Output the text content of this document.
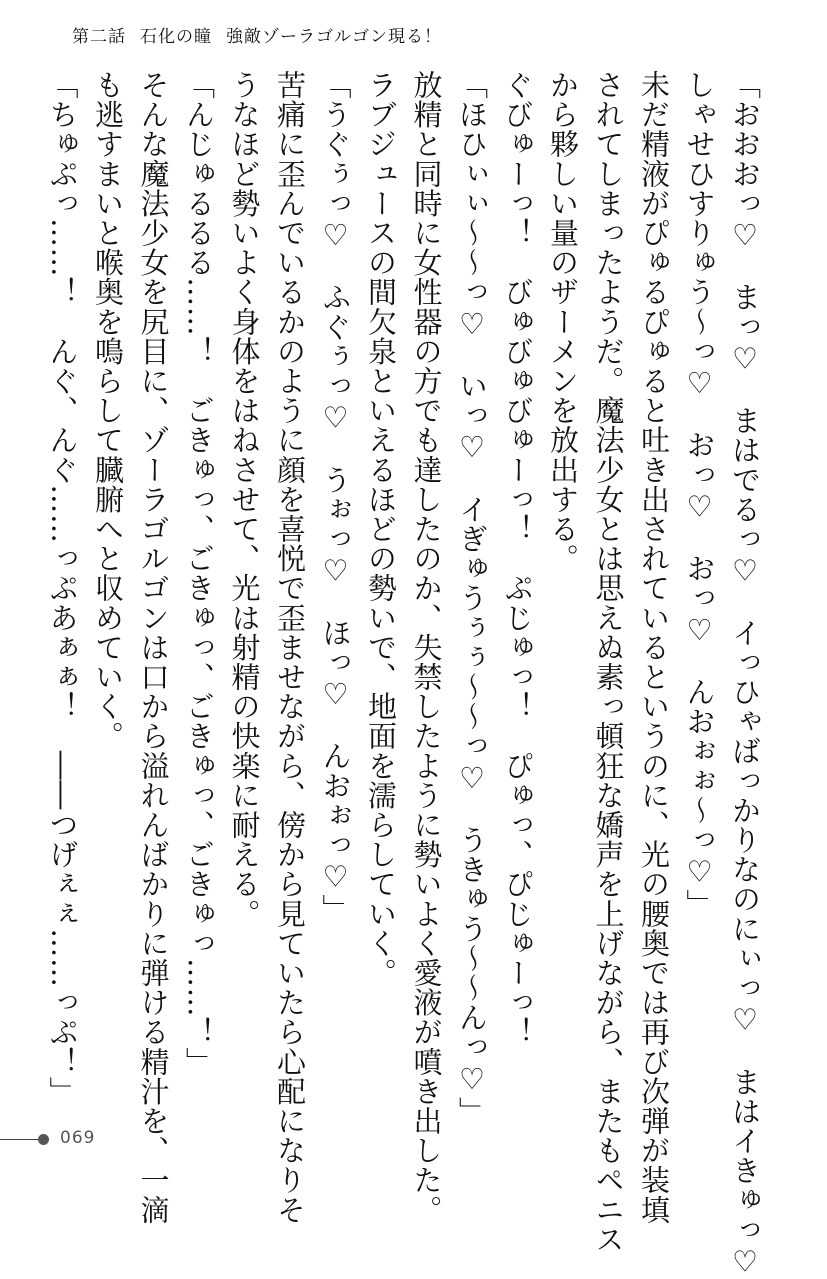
第二話 石化の瞳 強敵ゾーラゴルゴン現る！
「おおおっ♡　まっ♡　まはでるっ♡　イっひゃばっかりなのにぃっ♡　まはイきゅっ♡
しゃせひすりゅう～っ♡　おっ♡　おっ♡　んおぉぉ～っ♡」
未だ精液がぴゅるぴゅると吐き出されているというのに、光の腰奥では再び次弾が装填
されてしまったようだ。魔法少女とは思えぬ素っ頓狂な嬌声を上げながら、またもペニス
から夥しい量のザーメンを放出する。
ぐびゅーっ！　びゅびゅびゅーっ！　ぷじゅっ！　ぴゅっ、ぴじゅーっ！
「ほひぃぃ～～っ♡　いっ♡　イぎゅうぅぅ～～っ♡　うきゅう～～んっ♡」
放精と同時に女性器の方でも達したのか、失禁したように勢いよく愛液が噴き出した。
ラブジュースの間欠泉といえるほどの勢いで、地面を濡らしていく。
「うぐぅっ♡　ふぐぅっ♡　うぉっ♡　ほっ♡　んおぉっ♡」
苦痛に歪んでいるかのように顔を喜悦で歪ませながら、傍から見ていたら心配になりそ
うなほど勢いよく身体をはねさせて、光は射精の快楽に耐える。
「んじゅるるる……！　ごきゅっ、ごきゅっ、ごきゅっ、ごきゅっ……！」
そんな魔法少女を尻目に、ゾーラゴルゴンは口から溢れんばかりに弾ける精汁を、一滴
も逃すまいと喉奥を鳴らして臓腑へと収めていく。
「ちゅぷっ……！　んぐ、んぐ……っぷあぁぁ！　――つげぇぇ……っぷ！」
069
